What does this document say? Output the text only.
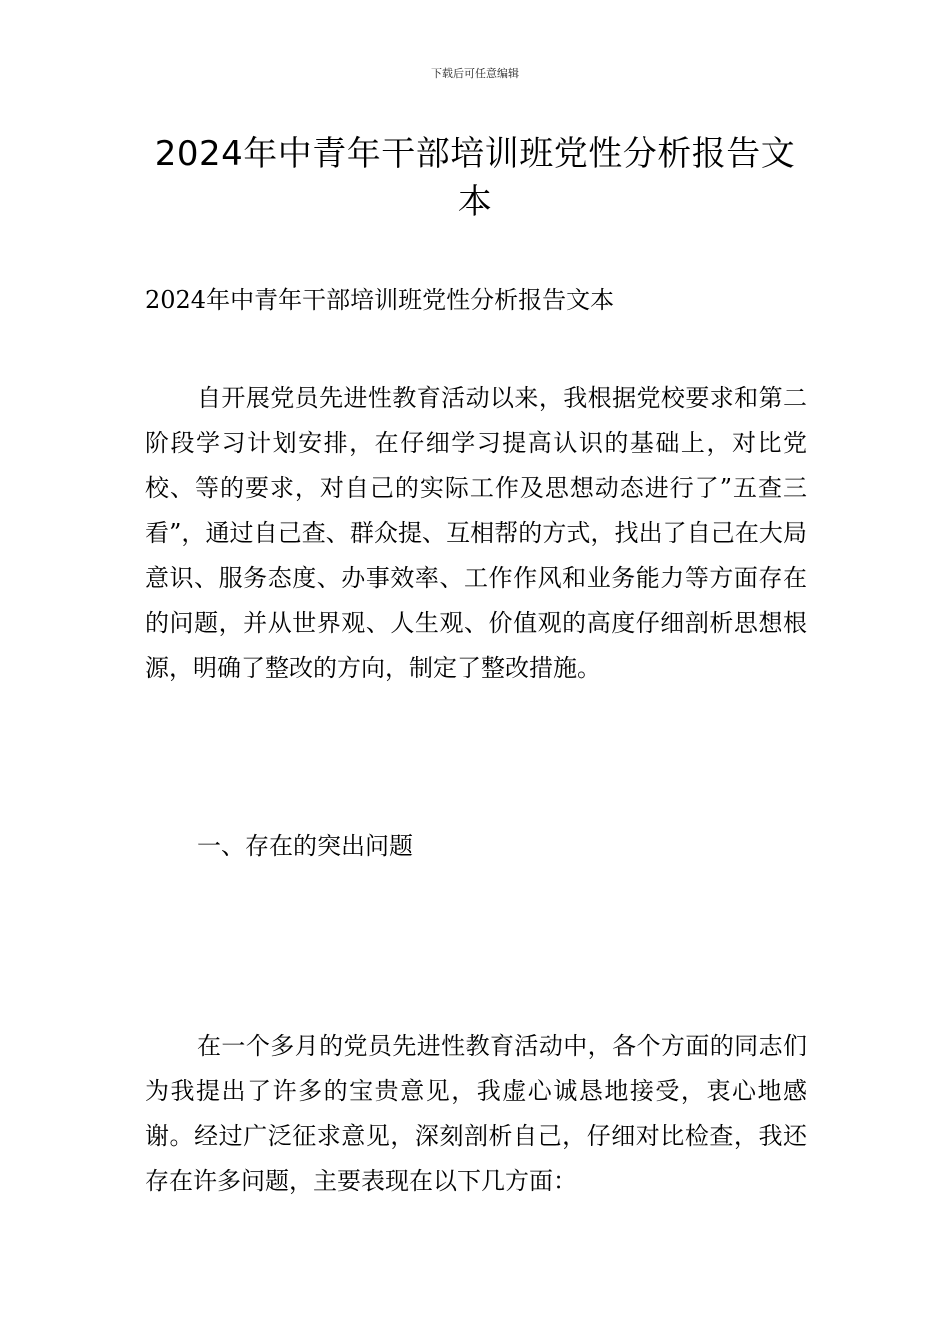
下载后可任意编辑
2024年中青年干部培训班党性分析报告文本

2024年中青年干部培训班党性分析报告文本

自开展党员先进性教育活动以来，我根据党校要求和第二阶段学习计划安排，在仔细学习提高认识的基础上，对比党校、等的要求，对自己的实际工作及思想动态进行了”五查三看”，通过自己查、群众提、互相帮的方式，找出了自己在大局意识、服务态度、办事效率、工作作风和业务能力等方面存在的问题，并从世界观、人生观、价值观的高度仔细剖析思想根源，明确了整改的方向，制定了整改措施。

一、存在的突出问题

在一个多月的党员先进性教育活动中，各个方面的同志们为我提出了许多的宝贵意见，我虚心诚恳地接受，衷心地感谢。经过广泛征求意见，深刻剖析自己，仔细对比检查，我还存在许多问题，主要表现在以下几方面：
